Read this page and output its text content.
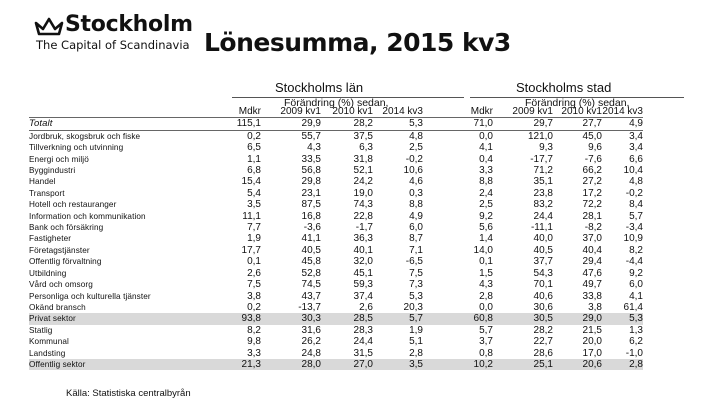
Stockholm
The Capital of Scandinavia Lönesumma, 2015 kv3
Stockholms län	Stockholms stad
Förändring (%) sedan,	Förändring (%) sedan,
	Mdkr	2009 kv1	2010 kv1	2014 kv3		Mdkr	2009 kv1	2010 kv1	2014 kv3
Totalt	115,1	29,9	28,2	5,3		71,0	29,7	27,7	4,9
Jordbruk, skogsbruk och fiske	0,2	55,7	37,5	4,8		0,0	121,0	45,0	3,4
Tillverkning och utvinning	6,5	4,3	6,3	2,5		4,1	9,3	9,6	3,4
Energi och miljö	1,1	33,5	31,8	-0,2		0,4	-17,7	-7,6	6,6
Byggindustri	6,8	56,8	52,1	10,6		3,3	71,2	66,2	10,4
Handel	15,4	29,8	24,2	4,6		8,8	35,1	27,2	4,8
Transport	5,4	23,1	19,0	0,3		2,4	23,8	17,2	-0,2
Hotell och restauranger	3,5	87,5	74,3	8,8		2,5	83,2	72,2	8,4
Information och kommunikation	11,1	16,8	22,8	4,9		9,2	24,4	28,1	5,7
Bank och försäkring	7,7	-3,6	-1,7	6,0		5,6	-11,1	-8,2	-3,4
Fastigheter	1,9	41,1	36,3	8,7		1,4	40,0	37,0	10,9
Företagstjänster	17,7	40,5	40,1	7,1		14,0	40,5	40,4	8,2
Offentlig förvaltning	0,1	45,8	32,0	-6,5		0,1	37,7	29,4	-4,4
Utbildning	2,6	52,8	45,1	7,5		1,5	54,3	47,6	9,2
Vård och omsorg	7,5	74,5	59,3	7,3		4,3	70,1	49,7	6,0
Personliga och kulturella tjänster	3,8	43,7	37,4	5,3		2,8	40,6	33,8	4,1
Okänd bransch	0,2	-13,7	2,6	20,3		0,0	30,6	3,8	61,4
Privat sektor	93,8	30,3	28,5	5,7		60,8	30,5	29,0	5,3
Statlig	8,2	31,6	28,3	1,9		5,7	28,2	21,5	1,3
Kommunal	9,8	26,2	24,4	5,1		3,7	22,7	20,0	6,2
Landsting	3,3	24,8	31,5	2,8		0,8	28,6	17,0	-1,0
Offentlig sektor	21,3	28,0	27,0	3,5		10,2	25,1	20,6	2,8
Källa: Statistiska centralbyrån
